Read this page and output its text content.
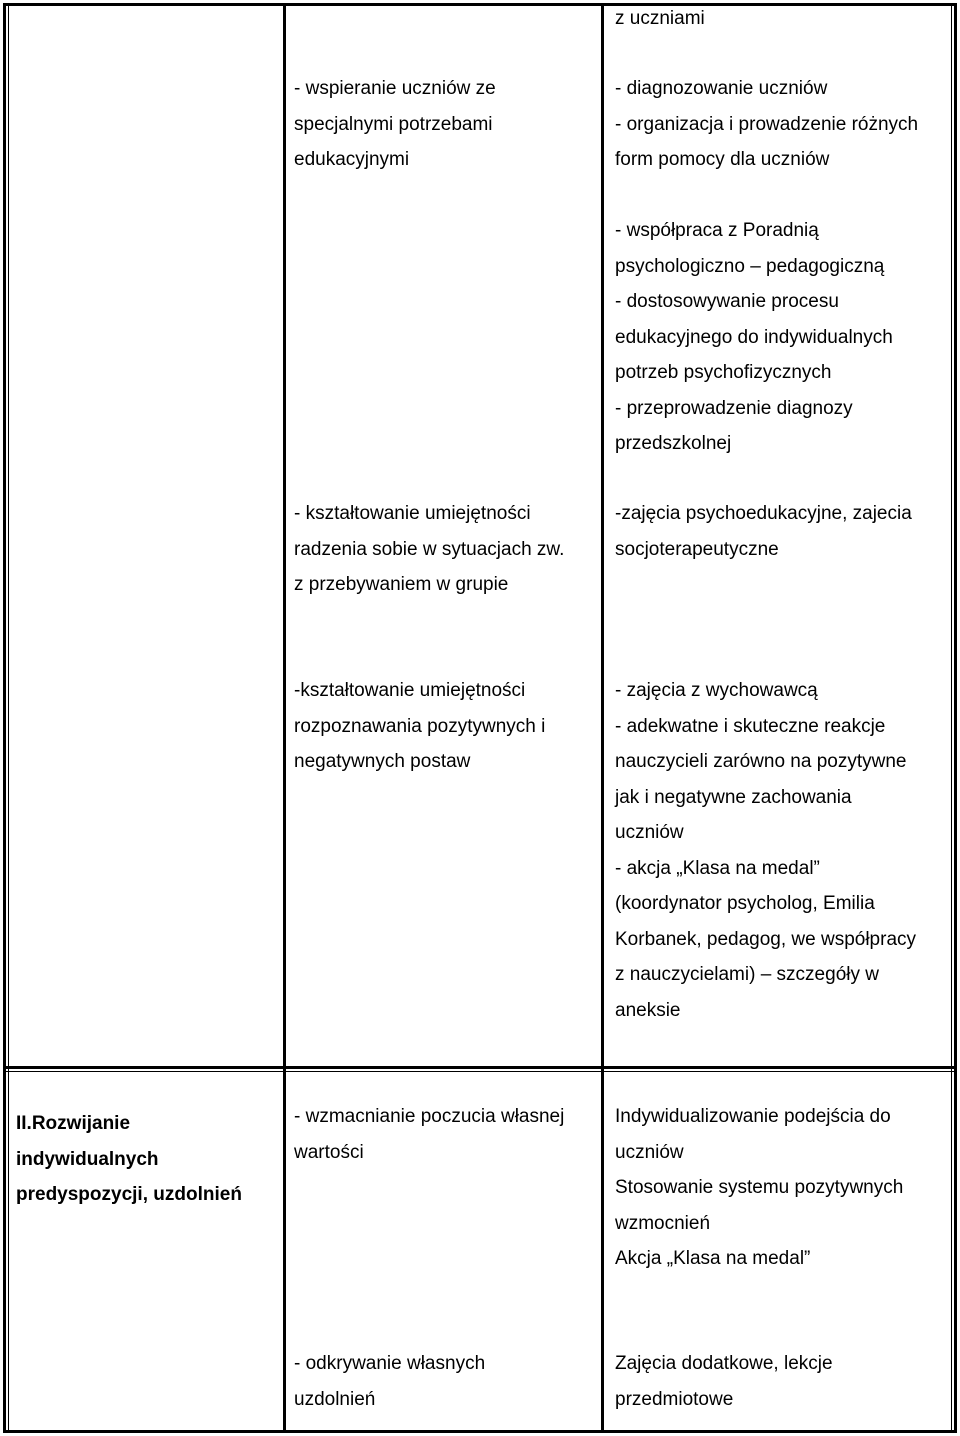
z uczniami
- wspieranie uczniów ze
specjalnymi potrzebami
edukacyjnymi
- diagnozowanie uczniów
- organizacja i prowadzenie różnych
form pomocy dla uczniów
- współpraca z Poradnią
psychologiczno – pedagogiczną
- dostosowywanie procesu
edukacyjnego do indywidualnych
potrzeb psychofizycznych
- przeprowadzenie diagnozy
przedszkolnej
- kształtowanie umiejętności
radzenia sobie w sytuacjach zw.
z przebywaniem w grupie
-zajęcia psychoedukacyjne, zajecia
socjoterapeutyczne
-kształtowanie umiejętności
rozpoznawania pozytywnych i
negatywnych postaw
- zajęcia z wychowawcą
- adekwatne i skuteczne reakcje
nauczycieli zarówno na pozytywne
jak i negatywne zachowania
uczniów
- akcja „Klasa na medal”
(koordynator psycholog, Emilia
Korbanek, pedagog, we współpracy
z nauczycielami) – szczegóły w
aneksie
II.Rozwijanie
indywidualnych
predyspozycji, uzdolnień
- wzmacnianie poczucia własnej
wartości
Indywidualizowanie podejścia do
uczniów
Stosowanie systemu pozytywnych
wzmocnień
Akcja „Klasa na medal”
- odkrywanie własnych
uzdolnień
Zajęcia dodatkowe, lekcje
przedmiotowe
